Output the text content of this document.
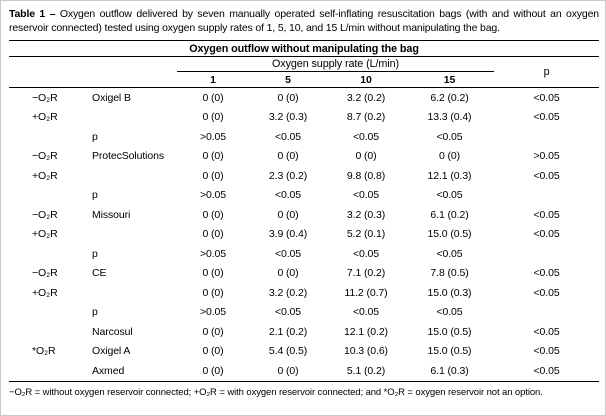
Table 1 – Oxygen outflow delivered by seven manually operated self-inflating resuscitation bags (with and without an oxygen reservoir connected) tested using oxygen supply rates of 1, 5, 10, and 15 L/min without manipulating the bag.
Oxygen outflow without manipulating the bag						
		Oxygen supply rate (L/min)				p
		1	5	10	15	
−O₂R	Oxigel B	0 (0)	0 (0)	3.2 (0.2)	6.2 (0.2)	<0.05
+O₂R		0 (0)	3.2 (0.3)	8.7 (0.2)	13.3 (0.4)	<0.05
	p	>0.05	<0.05	<0.05	<0.05	
−O₂R	ProtecSolutions	0 (0)	0 (0)	0 (0)	0 (0)	>0.05
+O₂R		0 (0)	2.3 (0.2)	9.8 (0.8)	12.1 (0.3)	<0.05
	p	>0.05	<0.05	<0.05	<0.05	
−O₂R	Missouri	0 (0)	0 (0)	3.2 (0.3)	6.1 (0.2)	<0.05
+O₂R		0 (0)	3.9 (0.4)	5.2 (0.1)	15.0 (0.5)	<0.05
	p	>0.05	<0.05	<0.05	<0.05	
−O₂R	CE	0 (0)	0 (0)	7.1 (0.2)	7.8 (0.5)	<0.05
+O₂R		0 (0)	3.2 (0.2)	11.2 (0.7)	15.0 (0.3)	<0.05
	p	>0.05	<0.05	<0.05	<0.05	
	Narcosul	0 (0)	2.1 (0.2)	12.1 (0.2)	15.0 (0.5)	<0.05
*O₂R	Oxigel A	0 (0)	5.4 (0.5)	10.3 (0.6)	15.0 (0.5)	<0.05
	Axmed	0 (0)	0 (0)	5.1 (0.2)	6.1 (0.3)	<0.05
−O₂R = without oxygen reservoir connected; +O₂R = with oxygen reservoir connected; and *O₂R = oxygen reservoir not an option.
